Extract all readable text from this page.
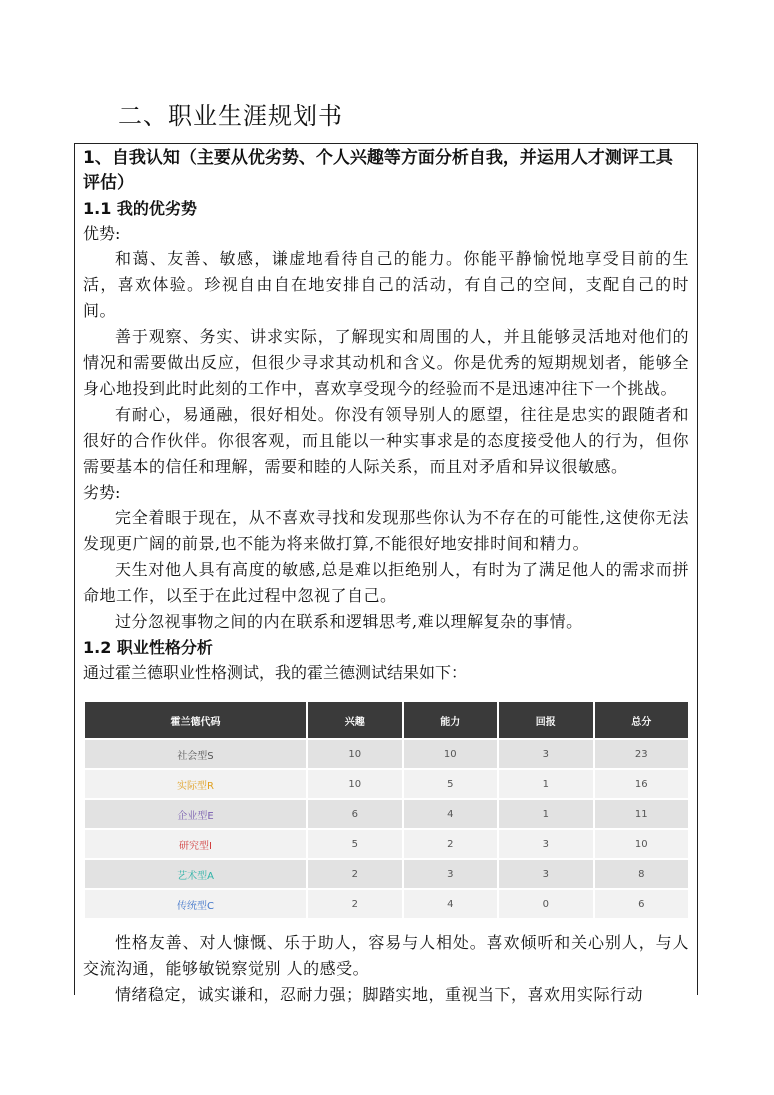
二、职业生涯规划书
1、自我认知（主要从优劣势、个人兴趣等方面分析自我，并运用人才测评工具评估）
1.1 我的优劣势
优势:

和蔼、友善、敏感，谦虚地看待自己的能力。你能平静愉悦地享受目前的生活，喜欢体验。珍视自由自在地安排自己的活动，有自己的空间，支配自己的时间。

善于观察、务实、讲求实际，了解现实和周围的人，并且能够灵活地对他们的情况和需要做出反应，但很少寻求其动机和含义。你是优秀的短期规划者，能够全身心地投到此时此刻的工作中，喜欢享受现今的经验而不是迅速冲往下一个挑战。

有耐心，易通融，很好相处。你没有领导别人的愿望，往往是忠实的跟随者和很好的合作伙伴。你很客观，而且能以一种实事求是的态度接受他人的行为，但你需要基本的信任和理解，需要和睦的人际关系，而且对矛盾和异议很敏感。

劣势:

完全着眼于现在，从不喜欢寻找和发现那些你认为不存在的可能性,这使你无法发现更广阔的前景,也不能为将来做打算,不能很好地安排时间和精力。

天生对他人具有高度的敏感,总是难以拒绝别人，有时为了满足他人的需求而拼命地工作，以至于在此过程中忽视了自己。

过分忽视事物之间的内在联系和逻辑思考,难以理解复杂的事情。

1.2 职业性格分析

通过霍兰德职业性格测试，我的霍兰德测试结果如下：

霍兰德代码	兴趣	能力	回报	总分
社会型S	10	10	3	23
实际型R	10	5	1	16
企业型E	6	4	1	11
研究型I	5	2	3	10
艺术型A	2	3	3	8
传统型C	2	4	0	6

性格友善、对人慷慨、乐于助人，容易与人相处。喜欢倾听和关心别人，与人交流沟通，能够敏锐察觉别 人的感受。

情绪稳定，诚实谦和，忍耐力强；脚踏实地，重视当下，喜欢用实际行动
